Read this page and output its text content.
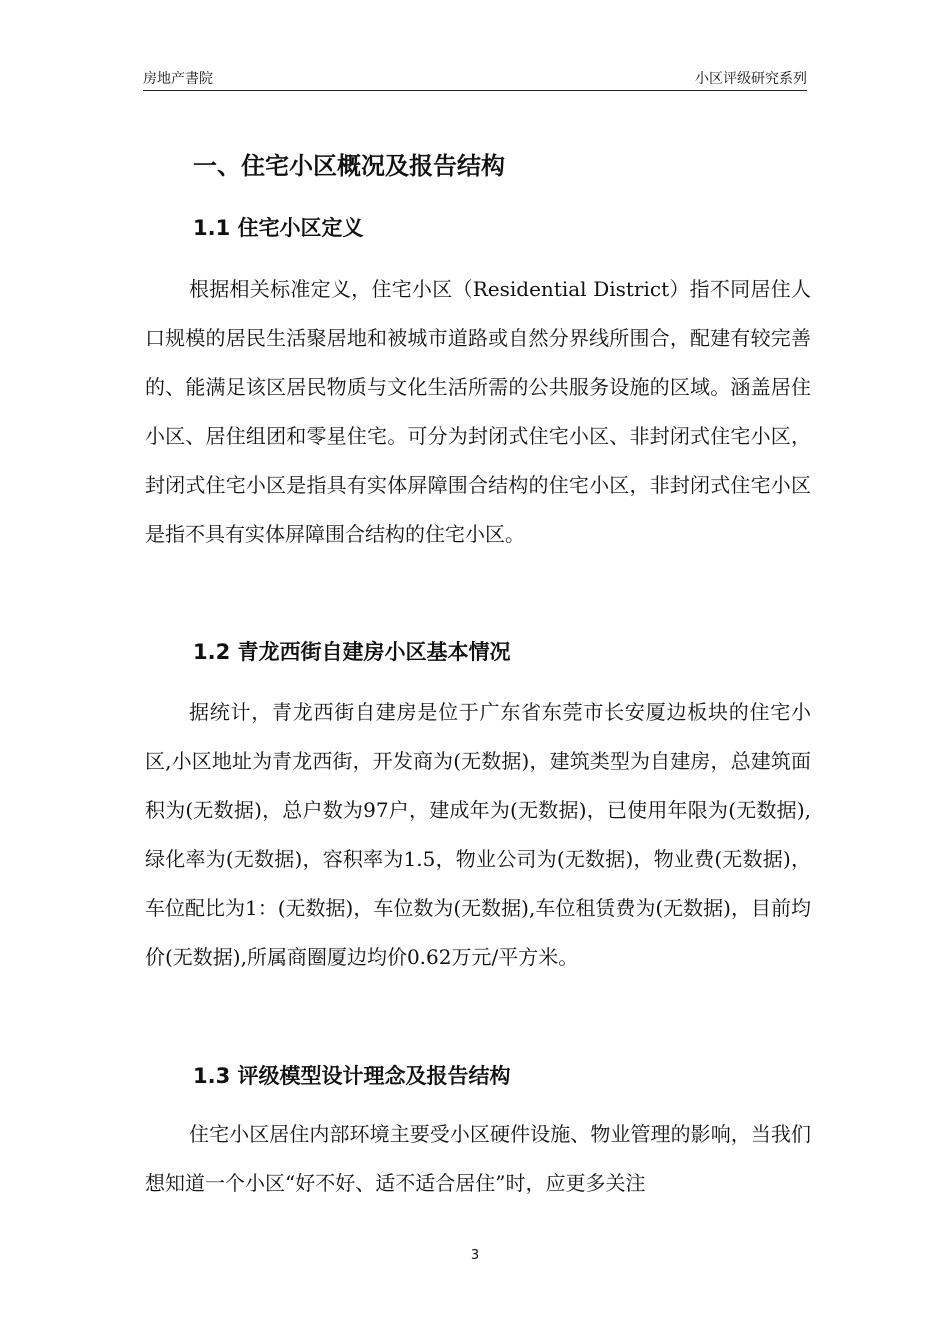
房地产書院	小区评级研究系列
一、住宅小区概况及报告结构
1.1 住宅小区定义

根据相关标准定义，住宅小区（Residential District）指不同居住人口规模的居民生活聚居地和被城市道路或自然分界线所围合，配建有较完善的、能满足该区居民物质与文化生活所需的公共服务设施的区域。涵盖居住小区、居住组团和零星住宅。可分为封闭式住宅小区、非封闭式住宅小区，封闭式住宅小区是指具有实体屏障围合结构的住宅小区，非封闭式住宅小区是指不具有实体屏障围合结构的住宅小区。

1.2 青龙西街自建房小区基本情况

据统计，青龙西街自建房是位于广东省东莞市长安厦边板块的住宅小区,小区地址为青龙西街，开发商为(无数据)，建筑类型为自建房，总建筑面积为(无数据)，总户数为97户，建成年为(无数据)，已使用年限为(无数据),绿化率为(无数据)，容积率为1.5，物业公司为(无数据)，物业费(无数据)，车位配比为1：(无数据)，车位数为(无数据),车位租赁费为(无数据)，目前均价(无数据),所属商圈厦边均价0.62万元/平方米。

1.3 评级模型设计理念及报告结构

住宅小区居住内部环境主要受小区硬件设施、物业管理的影响，当我们想知道一个小区“好不好、适不适合居住”时，应更多关注

3
